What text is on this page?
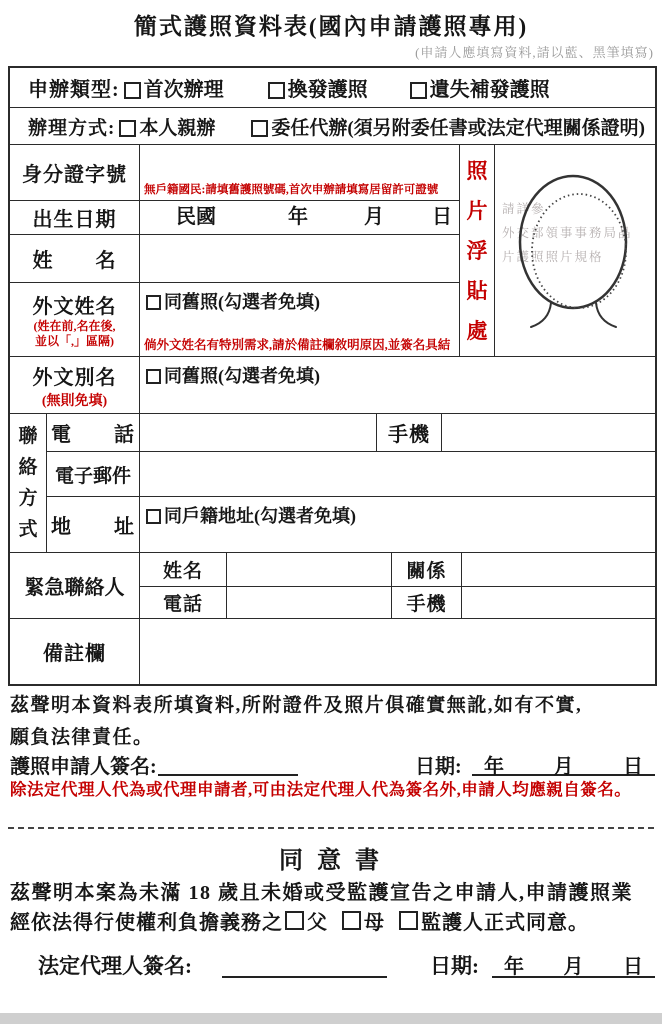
簡式護照資料表(國內申請護照專用)
(申請人應填寫資料,請以藍、黑筆填寫)
申辦類型:	首次辦理	換發護照	遺失補發護照
辦理方式:	本人親辦	委任代辦(須另附委任書或法定代理關係證明)
身分證字號
無戶籍國民:請填舊護照號碼,首次申辦請填寫居留許可證號
照片浮貼處
請詳參
外交部領事事務局晶
片護照照片規格
出生日期	民國	年	月 日
姓　　名
外文姓名
(姓在前,名在後,
並以「,」區隔)
同舊照(勾選者免填)
倘外文姓名有特別需求,請於備註欄敘明原因,並簽名具結
外文別名
(無則免填)
同舊照(勾選者免填)
聯絡方式
電　　話	手機
電子郵件
地　　址	同戶籍地址(勾選者免填)
緊急聯絡人
姓名	關係
電話	手機
備註欄
茲聲明本資料表所填資料,所附證件及照片俱確實無訛,如有不實,
願負法律責任。
護照申請人簽名:	日期: 年 月 日
除法定代理人代為或代理申請者,可由法定代理人代為簽名外,申請人均應親自簽名。
同 意 書
茲聲明本案為未滿 18 歲且未婚或受監護宣告之申請人,申請護照業
經依法得行使權利負擔義務之 父 母 監護人正式同意。
法定代理人簽名:	日期: 年 月 日
